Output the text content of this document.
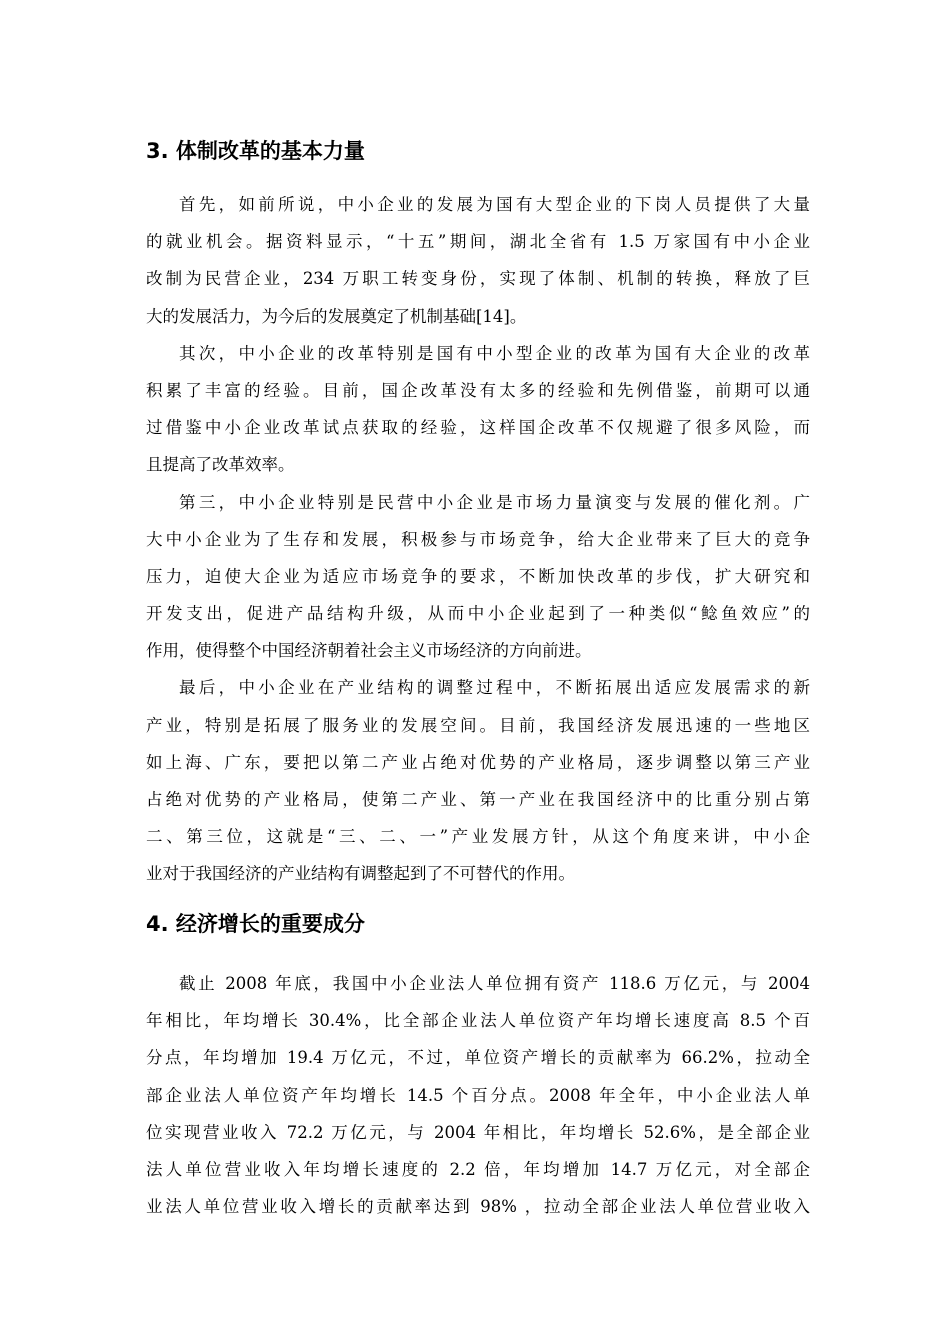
3. 体制改革的基本力量
首先，如前所说，中小企业的发展为国有大型企业的下岗人员提供了大量
的就业机会。据资料显示，“十五”期间，湖北全省有 1.5 万家国有中小企业
改制为民营企业，234 万职工转变身份，实现了体制、机制的转换，释放了巨
大的发展活力，为今后的发展奠定了机制基础[14]。
其次，中小企业的改革特别是国有中小型企业的改革为国有大企业的改革
积累了丰富的经验。目前，国企改革没有太多的经验和先例借鉴，前期可以通
过借鉴中小企业改革试点获取的经验，这样国企改革不仅规避了很多风险，而
且提高了改革效率。
第三，中小企业特别是民营中小企业是市场力量演变与发展的催化剂。广
大中小企业为了生存和发展，积极参与市场竞争，给大企业带来了巨大的竞争
压力，迫使大企业为适应市场竞争的要求，不断加快改革的步伐，扩大研究和
开发支出，促进产品结构升级，从而中小企业起到了一种类似“鲶鱼效应”的
作用，使得整个中国经济朝着社会主义市场经济的方向前进。
最后，中小企业在产业结构的调整过程中，不断拓展出适应发展需求的新
产业，特别是拓展了服务业的发展空间。目前，我国经济发展迅速的一些地区
如上海、广东，要把以第二产业占绝对优势的产业格局，逐步调整以第三产业
占绝对优势的产业格局，使第二产业、第一产业在我国经济中的比重分别占第
二、第三位，这就是“三、二、一”产业发展方针，从这个角度来讲，中小企
业对于我国经济的产业结构有调整起到了不可替代的作用。
4. 经济增长的重要成分
截止 2008 年底，我国中小企业法人单位拥有资产 118.6 万亿元，与 2004
年相比，年均增长 30.4%，比全部企业法人单位资产年均增长速度高 8.5 个百
分点，年均增加 19.4 万亿元，不过，单位资产增长的贡献率为 66.2%，拉动全
部企业法人单位资产年均增长 14.5 个百分点。2008 年全年，中小企业法人单
位实现营业收入 72.2 万亿元，与 2004 年相比，年均增长 52.6%，是全部企业
法人单位营业收入年均增长速度的 2.2 倍，年均增加 14.7 万亿元，对全部企
业法人单位营业收入增长的贡献率达到 98% ，拉动全部企业法人单位营业收入
